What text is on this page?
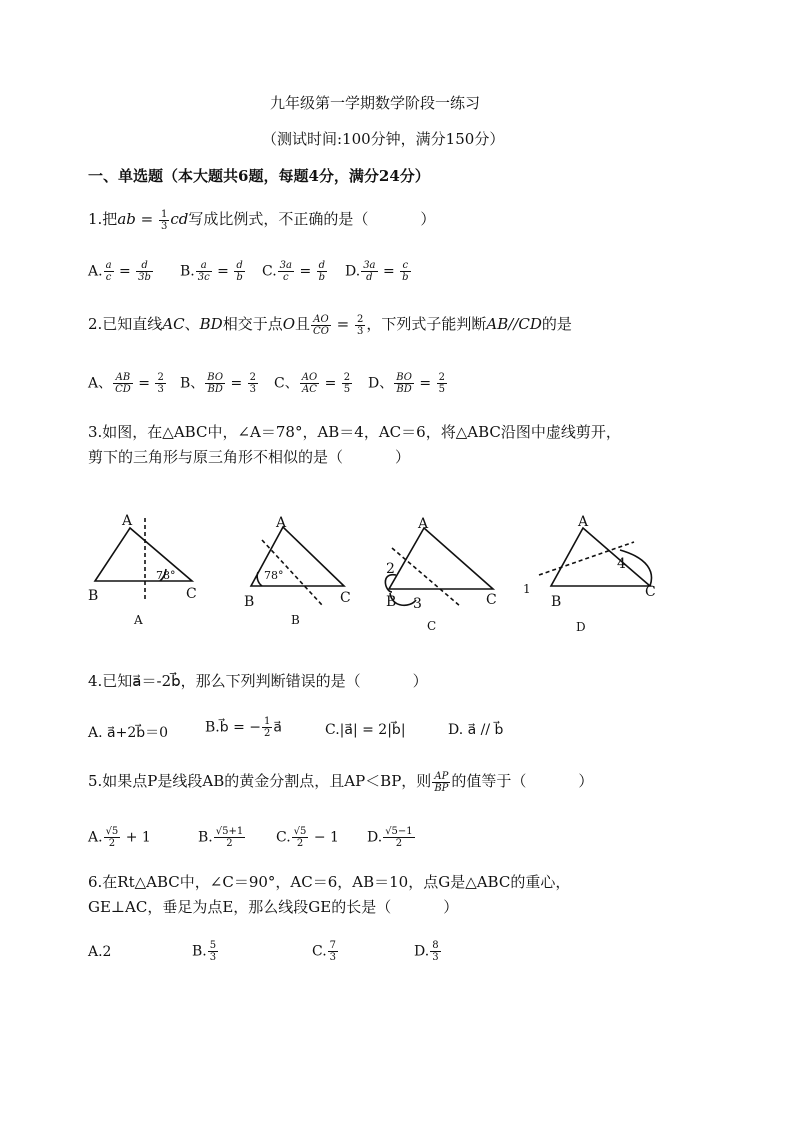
九年级第一学期数学阶段一练习
（测试时间:100分钟，满分150分）
一、单选题（本大题共6题，每题4分，满分24分）
1.把ab = $\frac{1}{3}$ cd写成比例式，不正确的是（	）
A. $\frac{a}{c} = \frac{d}{3b} B$. $\frac{a}{3c} = \frac{d}{b} C$. $\frac{3a}{c} = \frac{d}{b} D$. $\frac{3a}{d} = \frac{c}{b}$
2.已知直线AC、BD相交于点O且 $\frac{AO}{CO} = \frac{2}{3}$ ，下列式子能判断AB//CD的是
A、 $\frac{AB}{CD} = \frac{2}{3}$ B、 $\frac{BO}{BD} = \frac{2}{3}$ C、 $\frac{AO}{AC} = \frac{2}{5}$ D、 $\frac{BO}{BD} = \frac{2}{5}$
3.如图，在△ABC中，∠A＝78°，AB＝4，AC＝6，将△ABC沿图中虚线剪开，
剪下的三角形与原三角形不相似的是（	）
A
B	C
78°
A
A
B	C
78°
B
A
B	C
2
3
C
A
B
C
1
4
D
4.已知a⃗＝-2b⃗，那么下列判断错误的是（	）
A. a⃗+2b⃗＝0	B.b⃗ = − $\frac{1}{2}$ a⃗	C.|a⃗| = 2|b⃗|	D. a⃗ // b⃗
5.如果点P是线段AB的黄金分割点，且AP＜BP，则 $\frac{AP}{BP}$ 的值等于（	）
A. $\frac{√5}{2} + 1$	B. $\frac{√5+1}{2} C$. $\frac{√5}{2} - 1$ D. $\frac{√5-1}{2}$
6.在Rt△ABC中，∠C＝90°，AC＝6，AB＝10，点G是△ABC的重心，
GE⊥AC，垂足为点E，那么线段GE的长是（	）
A.2	B. $\frac{5}{3}$	C. $\frac{7}{3}$	D. $\frac{8}{3}$
